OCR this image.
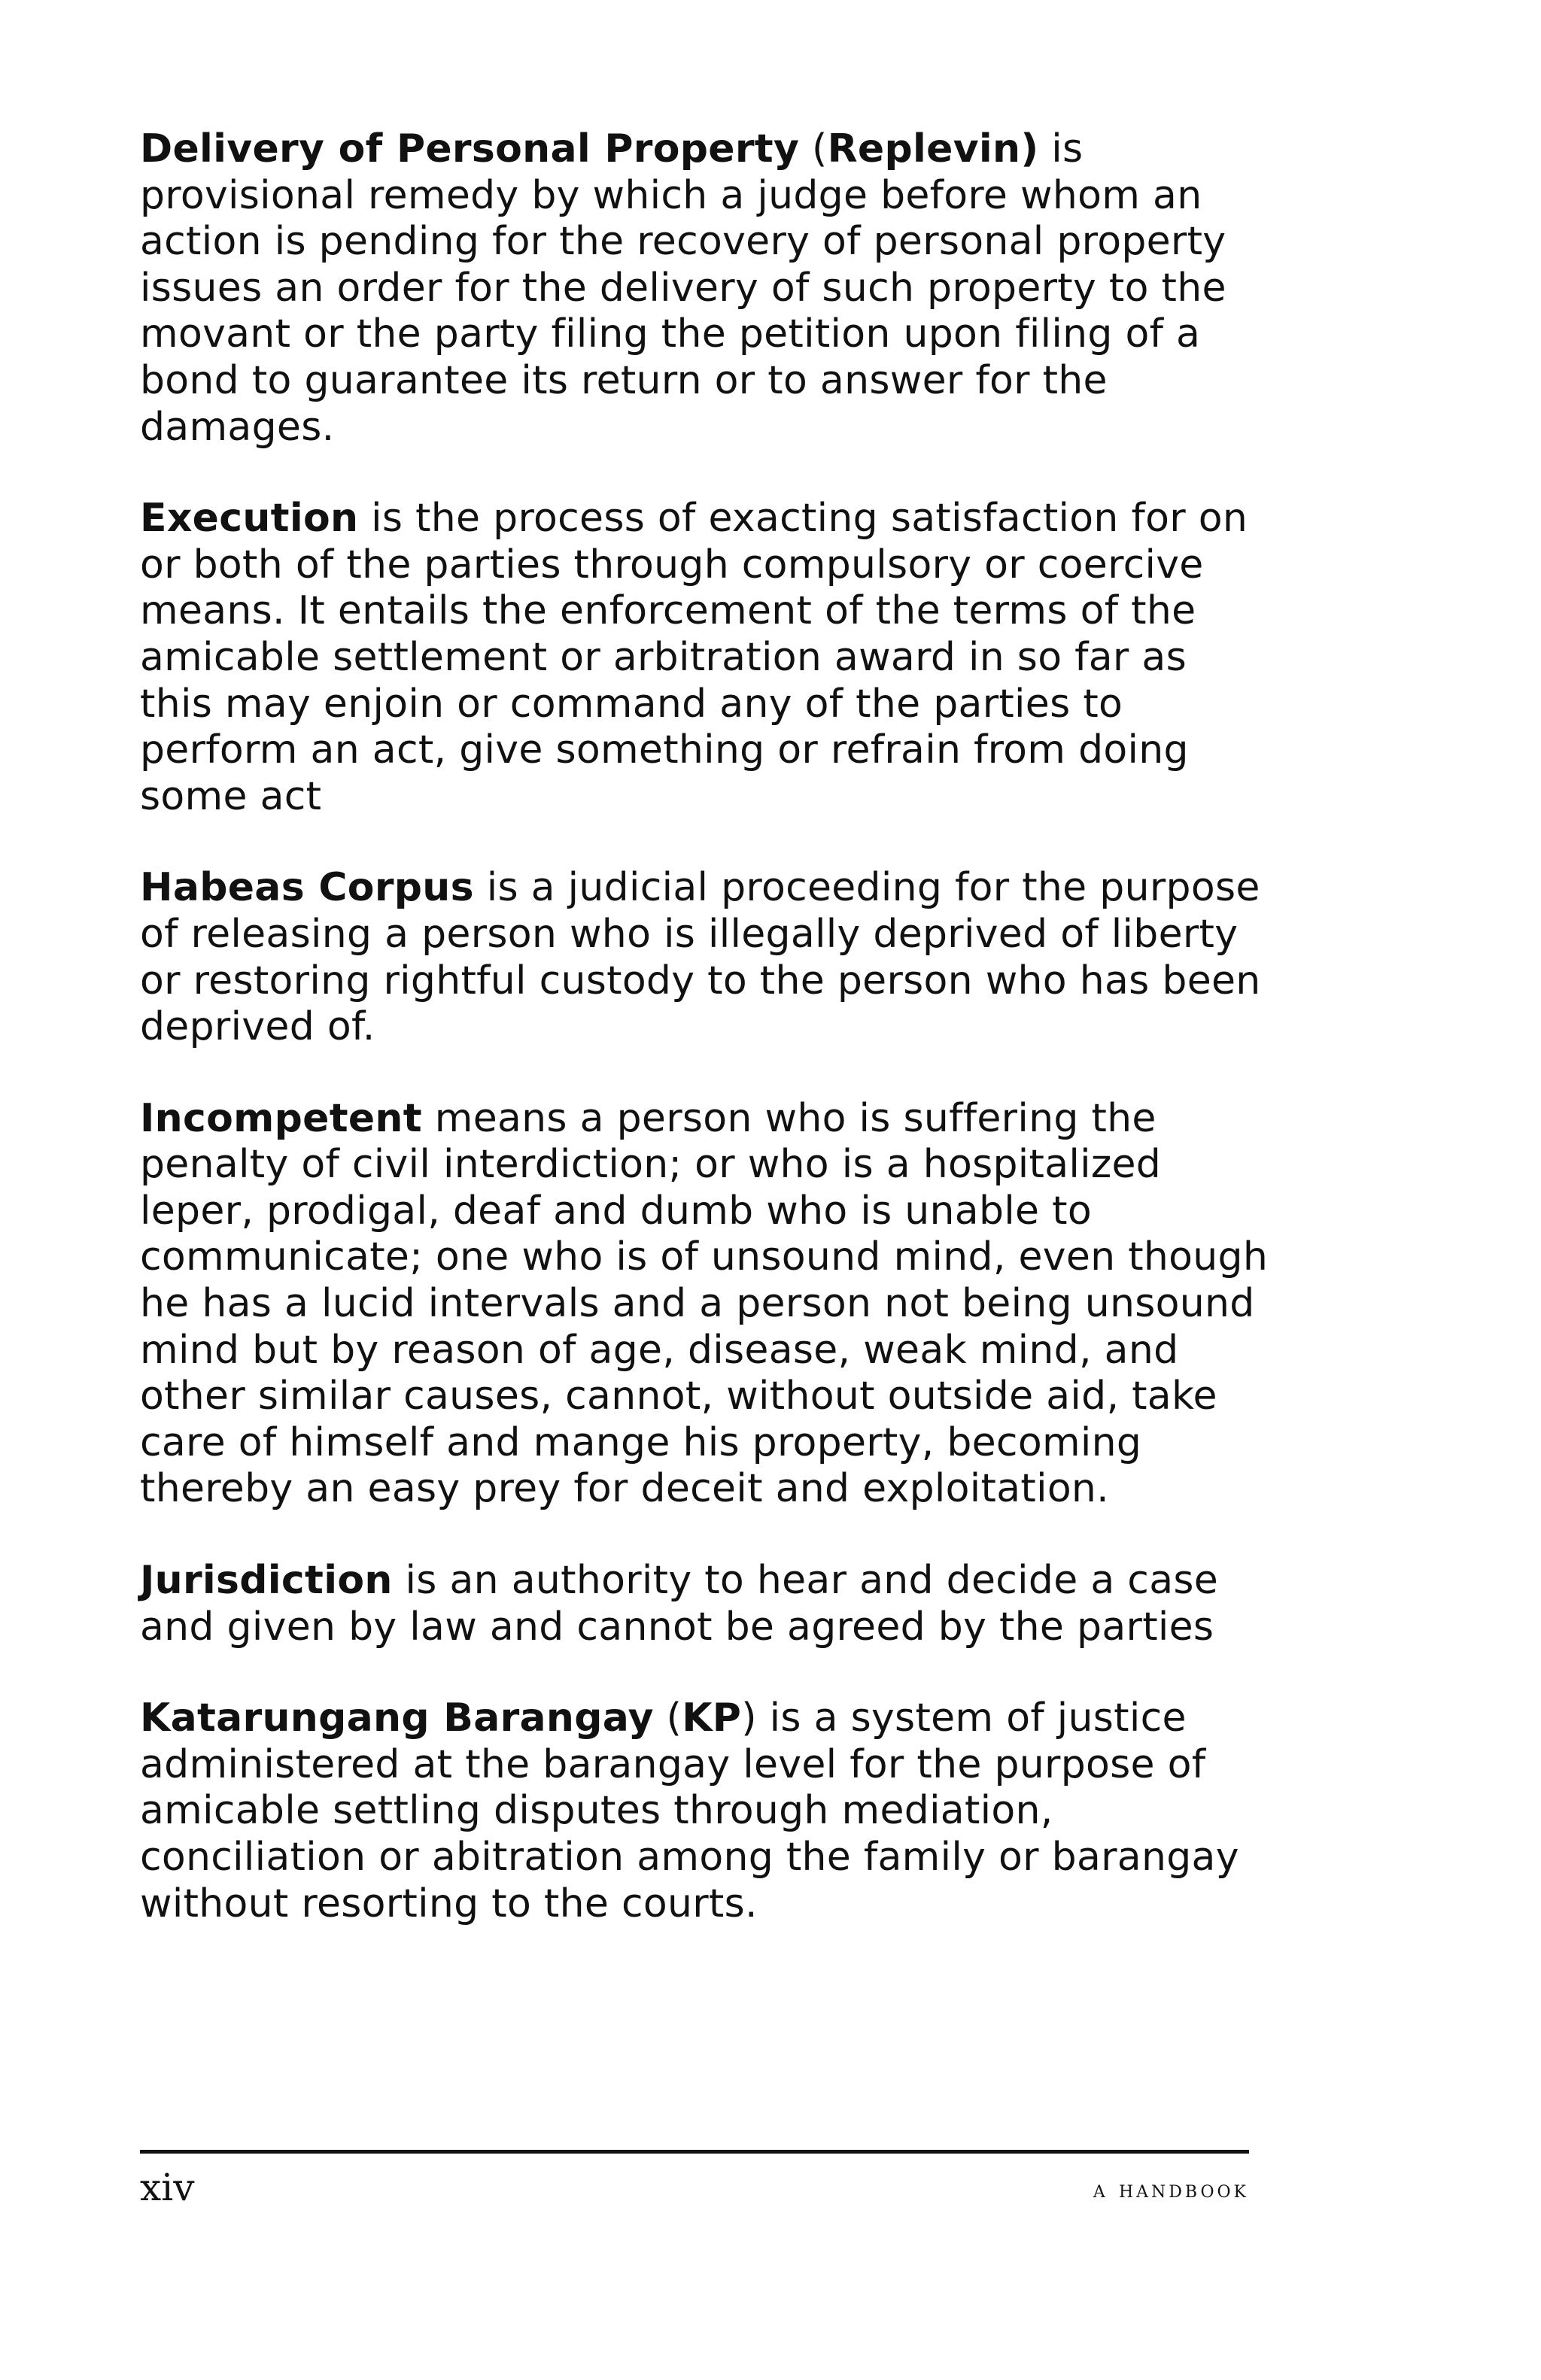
Delivery of Personal Property (Replevin) is provisional remedy by which a judge before whom an action is pending for the recovery of personal property issues an order for the delivery of such property to the movant or the party filing the petition upon filing of a bond to guarantee its return or to answer for the damages.

Execution is the process of exacting satisfaction for on or both of the parties through compulsory or coercive means. It entails the enforcement of the terms of the amicable settlement or arbitration award in so far as this may enjoin or command any of the parties to perform an act, give something or refrain from doing some act

Habeas Corpus is a judicial proceeding for the purpose of releasing a person who is illegally deprived of liberty or restoring rightful custody to the person who has been deprived of.

Incompetent means a person who is suffering the penalty of civil interdiction; or who is a hospitalized leper, prodigal, deaf and dumb who is unable to communicate; one who is of unsound mind, even though he has a lucid intervals and a person not being unsound mind but by reason of age, disease, weak mind, and other similar causes, cannot, without outside aid, take care of himself and mange his property, becoming thereby an easy prey for deceit and exploitation.

Jurisdiction is an authority to hear and decide a case and given by law and cannot be agreed by the parties

Katarungang Barangay (KP) is a system of justice administered at the barangay level for the purpose of amicable settling disputes through mediation, conciliation or abitration among the family or barangay without resorting to the courts.

xiv	a handbook
